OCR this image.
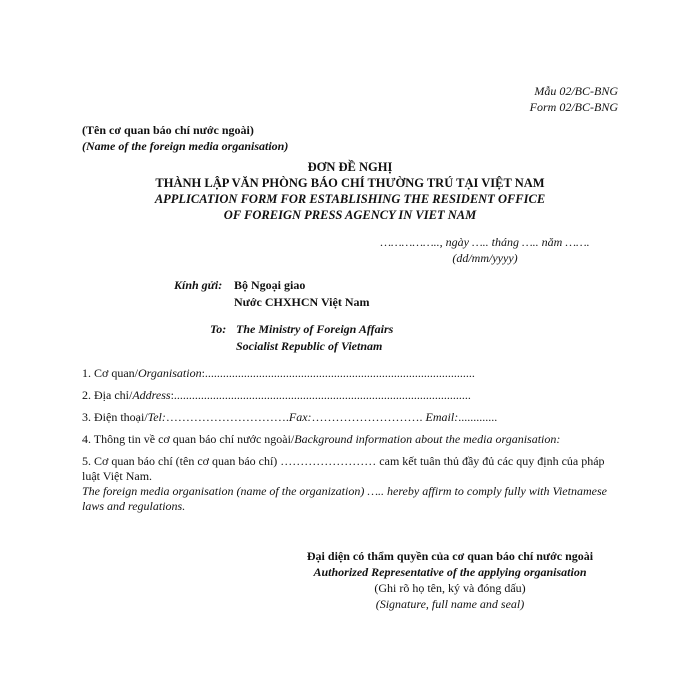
Mẫu 02/BC-BNG
Form 02/BC-BNG
(Tên cơ quan báo chí nước ngoài)
(Name of the foreign media organisation)
ĐƠN ĐỀ NGHỊ
THÀNH LẬP VĂN PHÒNG BÁO CHÍ THƯỜNG TRÚ TẠI VIỆT NAM
APPLICATION FORM FOR ESTABLISHING THE RESIDENT OFFICE
OF FOREIGN PRESS AGENCY IN VIET NAM
…………….., ngày ….. tháng ….. năm …….
(dd/mm/yyyy)
Kính gửi: Bộ Ngoại giao
Nước CHXHCN Việt Nam
To: The Ministry of Foreign Affairs
Socialist Republic of Vietnam
1. Cơ quan/Organisation:..........................................................................................
2. Địa chỉ/Address:...................................................................................................
3. Điện thoại/Tel:………………………….Fax:………………………. Email:.............
4. Thông tin về cơ quan báo chí nước ngoài/Background information about the media organisation:
5. Cơ quan báo chí (tên cơ quan báo chí) …………………… cam kết tuân thủ đầy đủ các quy định của pháp luật Việt Nam.
The foreign media organisation (name of the organization) ….. hereby affirm to comply fully with Vietnamese laws and regulations.
Đại diện có thẩm quyền của cơ quan báo chí nước ngoài
Authorized Representative of the applying organisation
(Ghi rõ họ tên, ký và đóng dấu)
(Signature, full name and seal)
